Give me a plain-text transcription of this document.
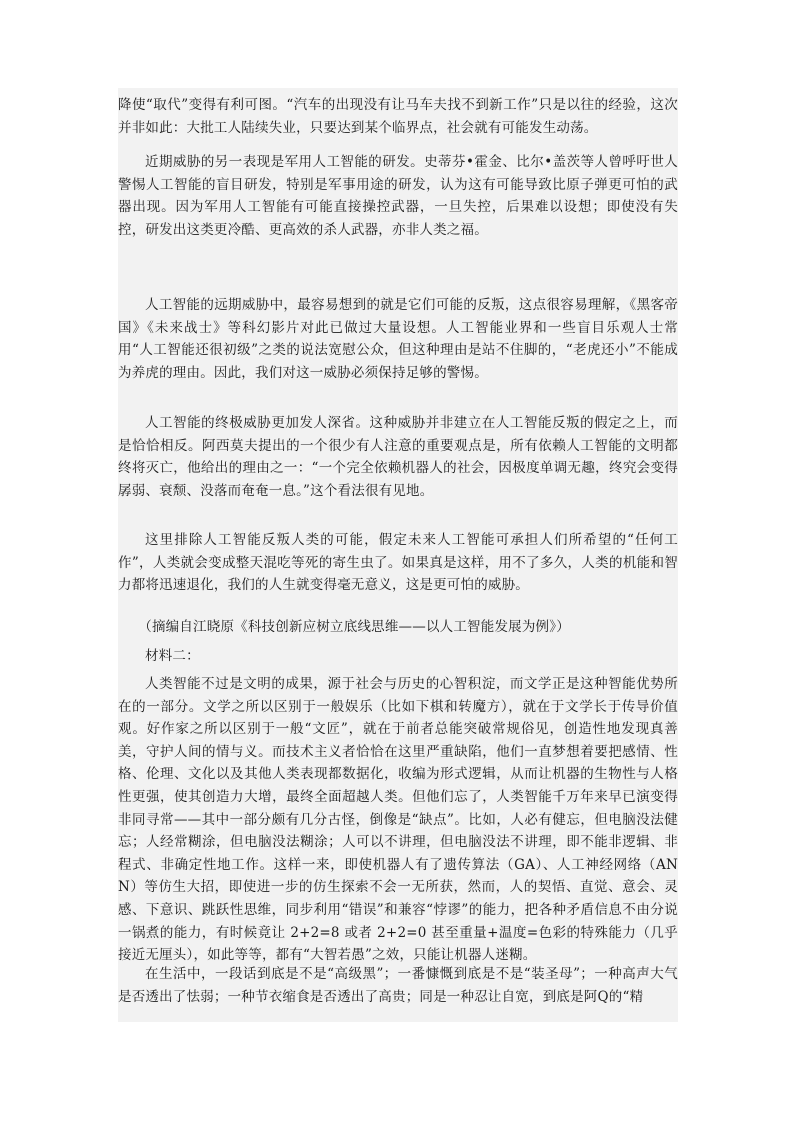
降使“取代”变得有利可图。“汽车的出现没有让马车夫找不到新工作”只是以往的经验，这次并非如此：大批工人陆续失业，只要达到某个临界点，社会就有可能发生动荡。

近期威胁的另一表现是军用人工智能的研发。史蒂芬•霍金、比尔•盖茨等人曾呼吁世人警惕人工智能的盲目研发，特别是军事用途的研发，认为这有可能导致比原子弹更可怕的武器出现。因为军用人工智能有可能直接操控武器，一旦失控，后果难以设想；即使没有失控，研发出这类更冷酷、更高效的杀人武器，亦非人类之福。

人工智能的远期威胁中，最容易想到的就是它们可能的反叛，这点很容易理解，《黑客帝国》《未来战士》等科幻影片对此已做过大量设想。人工智能业界和一些盲目乐观人士常用“人工智能还很初级”之类的说法宽慰公众，但这种理由是站不住脚的，“老虎还小”不能成为养虎的理由。因此，我们对这一威胁必须保持足够的警惕。

人工智能的终极威胁更加发人深省。这种威胁并非建立在人工智能反叛的假定之上，而是恰恰相反。阿西莫夫提出的一个很少有人注意的重要观点是，所有依赖人工智能的文明都终将灭亡，他给出的理由之一：“一个完全依赖机器人的社会，因极度单调无趣，终究会变得孱弱、衰颓、没落而奄奄一息。”这个看法很有见地。

这里排除人工智能反叛人类的可能，假定未来人工智能可承担人们所希望的“任何工作”，人类就会变成整天混吃等死的寄生虫了。如果真是这样，用不了多久，人类的机能和智力都将迅速退化，我们的人生就变得毫无意义，这是更可怕的威胁。

（摘编自江晓原《科技创新应树立底线思维——以人工智能发展为例》）

材料二：

人类智能不过是文明的成果，源于社会与历史的心智积淀，而文学正是这种智能优势所在的一部分。文学之所以区别于一般娱乐（比如下棋和转魔方），就在于文学长于传导价值观。好作家之所以区别于一般“文匠”，就在于前者总能突破常规俗见，创造性地发现真善美，守护人间的情与义。而技术主义者恰恰在这里严重缺陷，他们一直梦想着要把感情、性格、伦理、文化以及其他人类表现都数据化，收编为形式逻辑，从而让机器的生物性与人格性更强，使其创造力大增，最终全面超越人类。但他们忘了，人类智能千万年来早已演变得非同寻常——其中一部分颇有几分古怪，倒像是“缺点”。比如，人必有健忘，但电脑没法健忘；人经常糊涂，但电脑没法糊涂；人可以不讲理，但电脑没法不讲理，即不能非逻辑、非程式、非确定性地工作。这样一来，即使机器人有了遗传算法（GA）、人工神经网络（ANN）等仿生大招，即使进一步的仿生探索不会一无所获，然而，人的契悟、直觉、意会、灵感、下意识、跳跃性思维，同步利用“错误”和兼容“悖谬”的能力，把各种矛盾信息不由分说一锅煮的能力，有时候竟让 2+2=8 或者 2+2=0 甚至重量+温度=色彩的特殊能力（几乎接近无厘头），如此等等，都有“大智若愚”之效，只能让机器人迷糊。

在生活中，一段话到底是不是“高级黑”；一番慷慨到底是不是“装圣母”；一种高声大气是否透出了怯弱；一种节衣缩食是否透出了高贵；同是一种忍让自宽，到底是阿Q的“精
